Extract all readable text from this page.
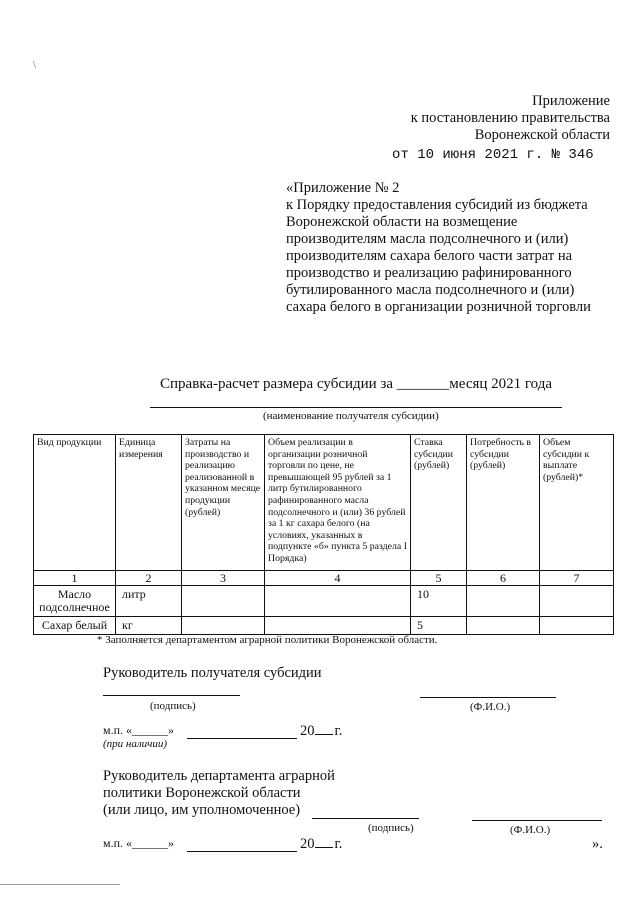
\
Приложение
к постановлению правительства
Воронежской области
от 10 июня 2021 г. № 346
«Приложение № 2
к Порядку предоставления субсидий из бюджета
Воронежской области на возмещение
производителям масла подсолнечного и (или)
производителям сахара белого части затрат на
производство и реализацию рафинированного
бутилированного масла подсолнечного и (или)
сахара белого в организации розничной торговли
Справка-расчет размера субсидии за _______месяц 2021 года
(наименование получателя субсидии)
Вид продукции	Единица измерения	Затраты на производство и реализацию реализованной в указанном месяце продукции (рублей)	Объем реализации в организации розничной торговли по цене, не превышающей 95 рублей за 1 литр бутилированного рафинированного масла подсолнечного и (или) 36 рублей за 1 кг сахара белого (на условиях, указанных в подпункте «б» пункта 5 раздела I Порядка)	Ставка субсидии (рублей)	Потребность в субсидии (рублей)	Объем субсидии к выплате (рублей)*
1	2	3	4	5	6	7
Масло подсолнечное	литр			10		
Сахар белый	кг			5		
* Заполняется департаментом аграрной политики Воронежской области.
Руководитель получателя субсидии
(подпись)	(Ф.И.О.)
м.п. «______»	20 г.
(при наличии)
Руководитель департамента аграрной
политики Воронежской области
(или лицо, им уполномоченное)
(подпись)	(Ф.И.О.)
м.п. «______»	20 г.	».
